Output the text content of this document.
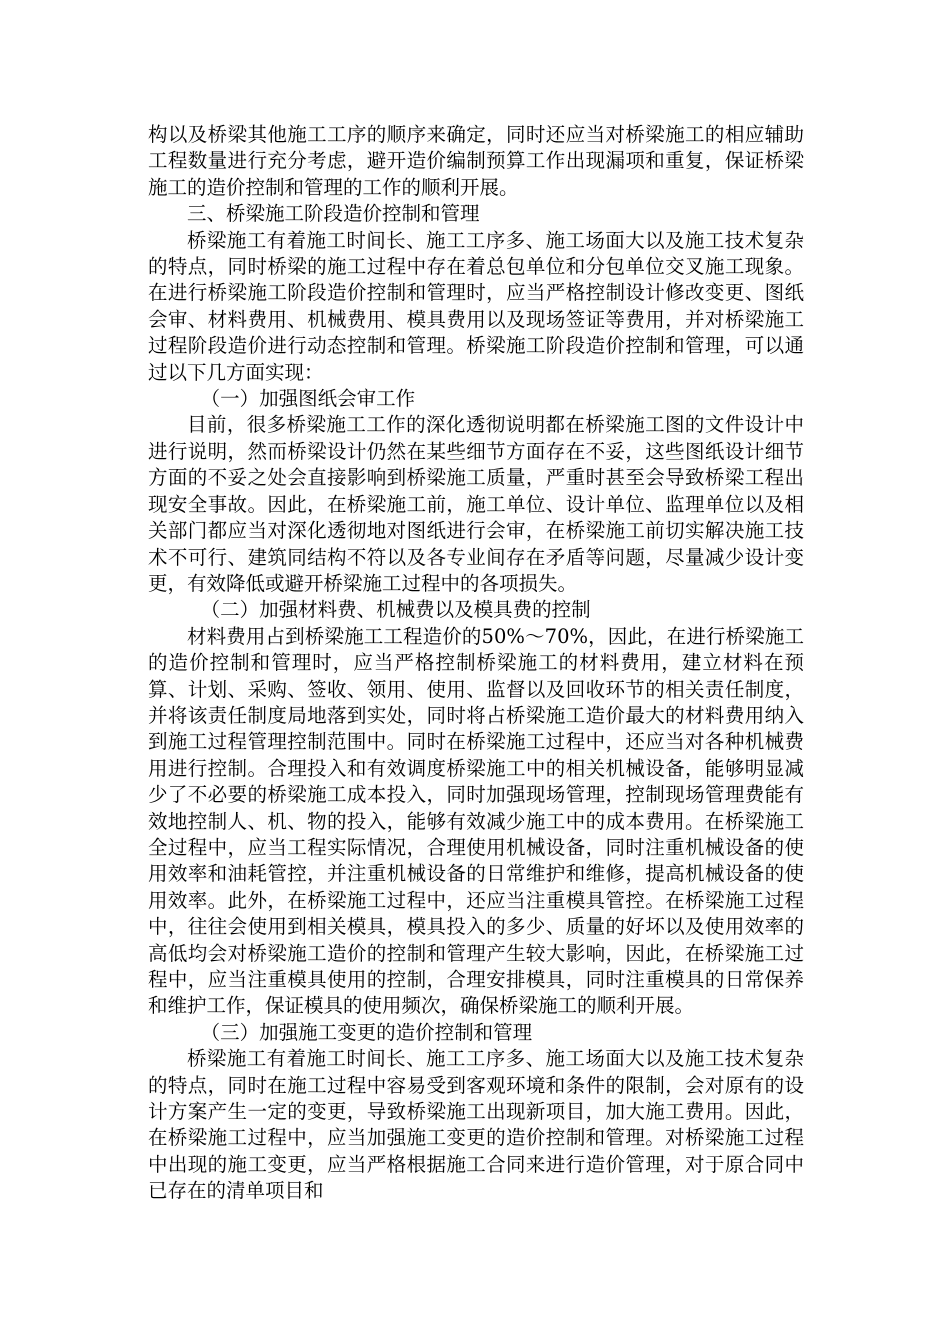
构以及桥梁其他施工工序的顺序来确定，同时还应当对桥梁施工的相应辅助工程数量进行充分考虑，避开造价编制预算工作出现漏项和重复，保证桥梁施工的造价控制和管理的工作的顺利开展。

三、桥梁施工阶段造价控制和管理

桥梁施工有着施工时间长、施工工序多、施工场面大以及施工技术复杂的特点，同时桥梁的施工过程中存在着总包单位和分包单位交叉施工现象。在进行桥梁施工阶段造价控制和管理时，应当严格控制设计修改变更、图纸会审、材料费用、机械费用、模具费用以及现场签证等费用，并对桥梁施工过程阶段造价进行动态控制和管理。桥梁施工阶段造价控制和管理，可以通过以下几方面实现：

（一）加强图纸会审工作

目前，很多桥梁施工工作的深化透彻说明都在桥梁施工图的文件设计中进行说明，然而桥梁设计仍然在某些细节方面存在不妥，这些图纸设计细节方面的不妥之处会直接影响到桥梁施工质量，严重时甚至会导致桥梁工程出现安全事故。因此，在桥梁施工前，施工单位、设计单位、监理单位以及相关部门都应当对深化透彻地对图纸进行会审，在桥梁施工前切实解决施工技术不可行、建筑同结构不符以及各专业间存在矛盾等问题，尽量减少设计变更，有效降低或避开桥梁施工过程中的各项损失。

（二）加强材料费、机械费以及模具费的控制

材料费用占到桥梁施工工程造价的50%～70%，因此，在进行桥梁施工的造价控制和管理时，应当严格控制桥梁施工的材料费用，建立材料在预算、计划、采购、签收、领用、使用、监督以及回收环节的相关责任制度，并将该责任制度局地落到实处，同时将占桥梁施工造价最大的材料费用纳入到施工过程管理控制范围中。同时在桥梁施工过程中，还应当对各种机械费用进行控制。合理投入和有效调度桥梁施工中的相关机械设备，能够明显减少了不必要的桥梁施工成本投入，同时加强现场管理，控制现场管理费能有效地控制人、机、物的投入，能够有效减少施工中的成本费用。在桥梁施工全过程中，应当工程实际情况，合理使用机械设备，同时注重机械设备的使用效率和油耗管控，并注重机械设备的日常维护和维修，提高机械设备的使用效率。此外，在桥梁施工过程中，还应当注重模具管控。在桥梁施工过程中，往往会使用到相关模具，模具投入的多少、质量的好坏以及使用效率的高低均会对桥梁施工造价的控制和管理产生较大影响，因此，在桥梁施工过程中，应当注重模具使用的控制，合理安排模具，同时注重模具的日常保养和维护工作，保证模具的使用频次，确保桥梁施工的顺利开展。

（三）加强施工变更的造价控制和管理

桥梁施工有着施工时间长、施工工序多、施工场面大以及施工技术复杂的特点，同时在施工过程中容易受到客观环境和条件的限制，会对原有的设计方案产生一定的变更，导致桥梁施工出现新项目，加大施工费用。因此，在桥梁施工过程中，应当加强施工变更的造价控制和管理。对桥梁施工过程中出现的施工变更，应当严格根据施工合同来进行造价管理，对于原合同中已存在的清单项目和
